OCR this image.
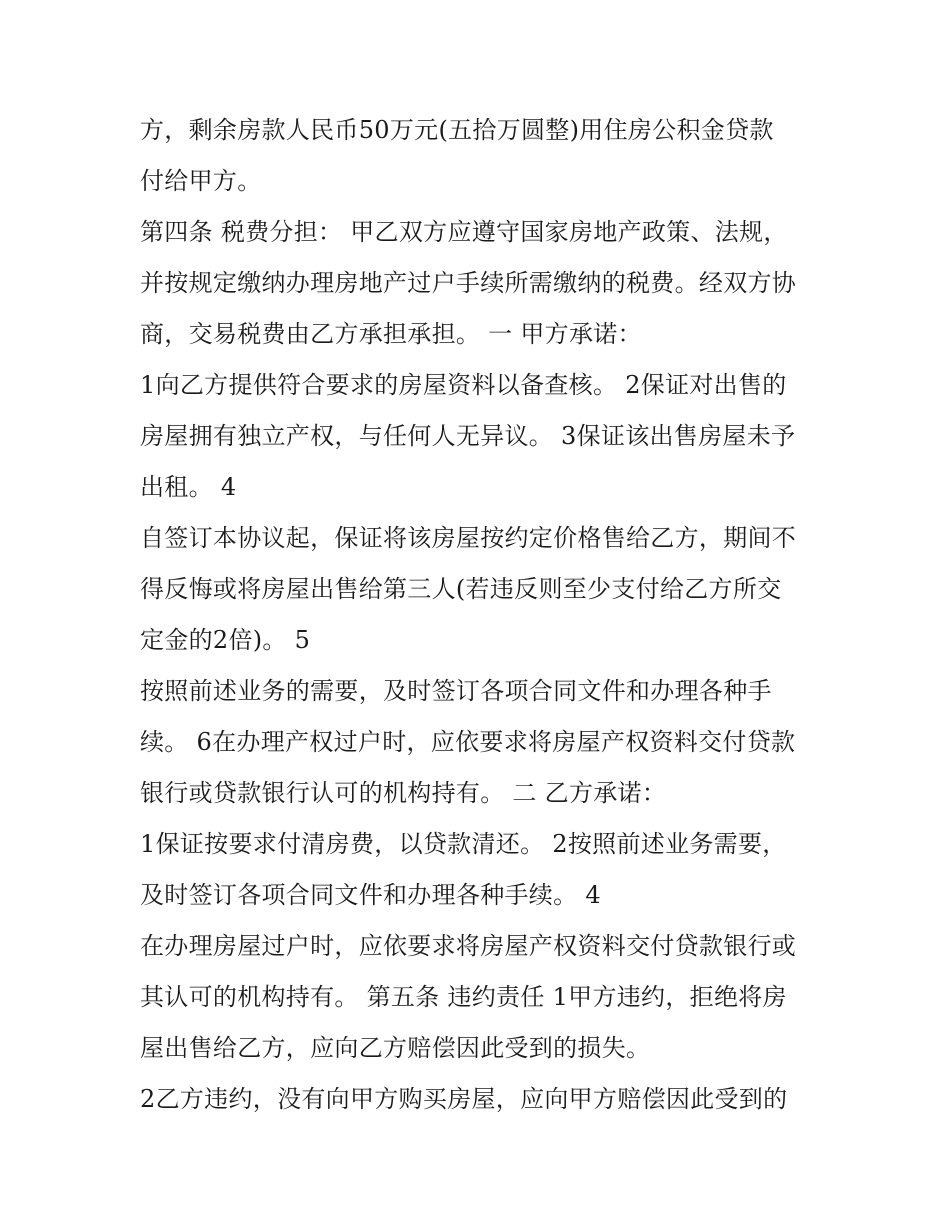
方，剩余房款人民币50万元(五拾万圆整)用住房公积金贷款
付给甲方。
第四条 税费分担： 甲乙双方应遵守国家房地产政策、法规，
并按规定缴纳办理房地产过户手续所需缴纳的税费。经双方协
商，交易税费由乙方承担承担。 一 甲方承诺：
1向乙方提供符合要求的房屋资料以备查核。 2保证对出售的
房屋拥有独立产权，与任何人无异议。 3保证该出售房屋未予
出租。 4
自签订本协议起，保证将该房屋按约定价格售给乙方，期间不
得反悔或将房屋出售给第三人(若违反则至少支付给乙方所交
定金的2倍)。 5
按照前述业务的需要，及时签订各项合同文件和办理各种手
续。 6在办理产权过户时，应依要求将房屋产权资料交付贷款
银行或贷款银行认可的机构持有。 二 乙方承诺：
1保证按要求付清房费，以贷款清还。 2按照前述业务需要，
及时签订各项合同文件和办理各种手续。 4
在办理房屋过户时，应依要求将房屋产权资料交付贷款银行或
其认可的机构持有。 第五条 违约责任 1甲方违约，拒绝将房
屋出售给乙方，应向乙方赔偿因此受到的损失。
2乙方违约，没有向甲方购买房屋，应向甲方赔偿因此受到的
